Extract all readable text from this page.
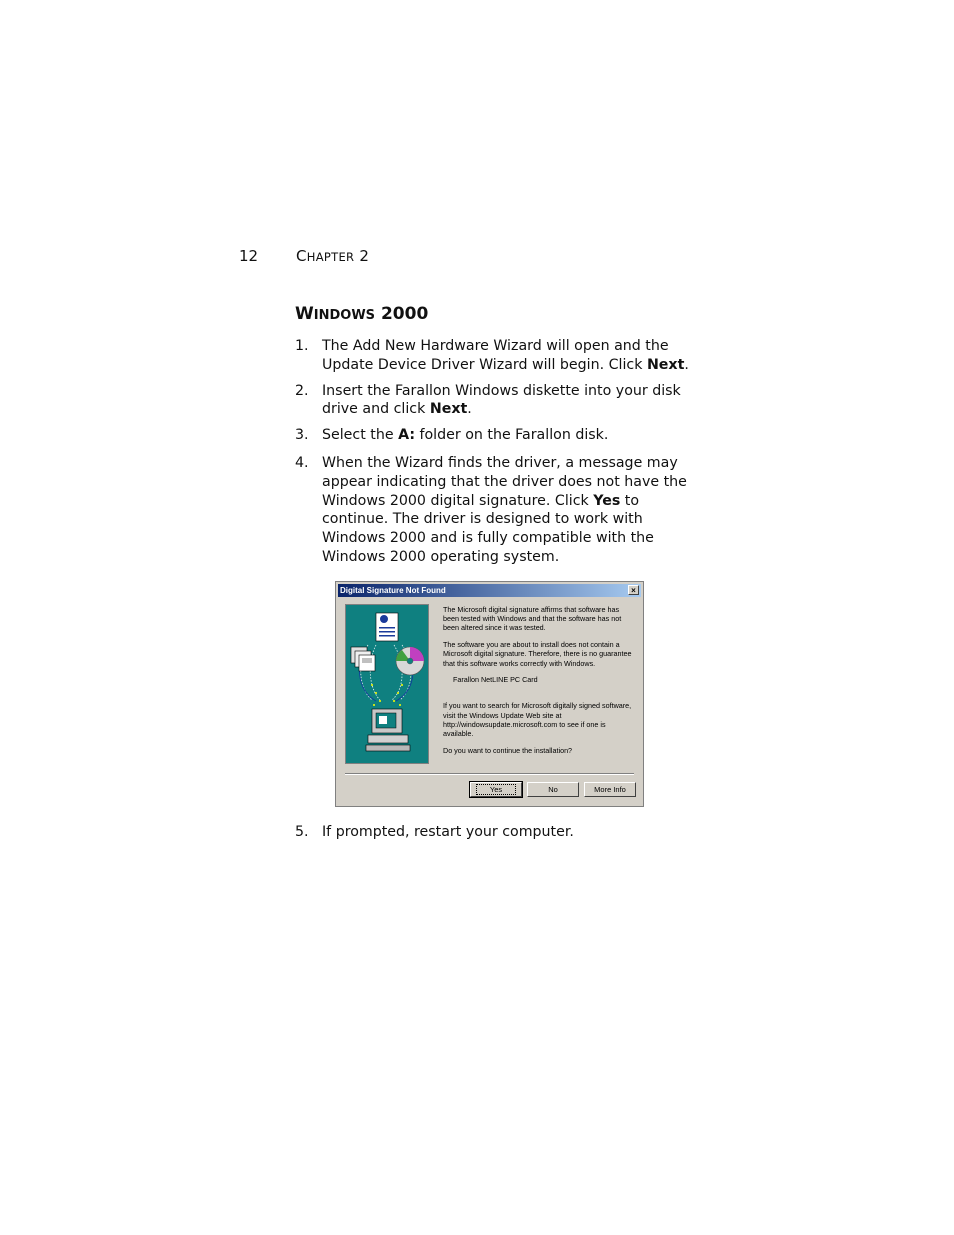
12	CHAPTER 2
WINDOWS 2000
1. The Add New Hardware Wizard will open and the Update Device Driver Wizard will begin. Click Next.
2. Insert the Farallon Windows diskette into your disk drive and click Next.
3. Select the A: folder on the Farallon disk.
4. When the Wizard finds the driver, a message may appear indicating that the driver does not have the Windows 2000 digital signature. Click Yes to continue. The driver is designed to work with Windows 2000 and is fully compatible with the Windows 2000 operating system.
5. If prompted, restart your computer.
Digital Signature Not Found	×

The Microsoft digital signature affirms that software has been tested with Windows and that the software has not been altered since it was tested.

The software you are about to install does not contain a Microsoft digital signature. Therefore, there is no guarantee that this software works correctly with Windows.

Farallon NetLINE PC Card

If you want to search for Microsoft digitally signed software, visit the Windows Update Web site at http://windowsupdate.microsoft.com to see if one is available.

Do you want to continue the installation?

Yes	No	More Info
